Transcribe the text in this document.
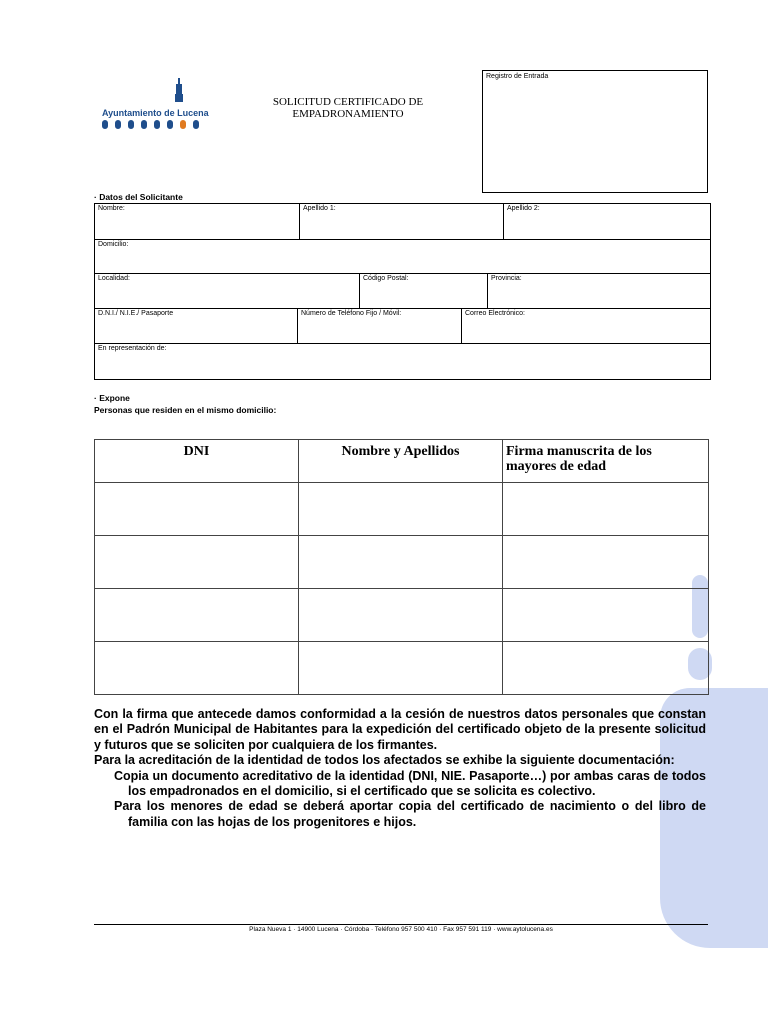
Ayuntamiento de Lucena
SOLICITUD CERTIFICADO DE
EMPADRONAMIENTO
Registro de Entrada
· Datos del Solicitante
Nombre:	Apellido 1:	Apellido 2:
Domicilio:
Localidad:	Código Postal:	Provincia:
D.N.I./ N.I.E./ Pasaporte	Número de Teléfono Fijo / Móvil:	Correo Electrónico:
En representación de:
· Expone
Personas que residen en el mismo domicilio:
DNI	Nombre y Apellidos	Firma manuscrita de los mayores de edad

Con la firma que antecede damos conformidad a la cesión de nuestros datos personales que constan en el Padrón Municipal de Habitantes para la expedición del certificado objeto de la presente solicitud y futuros que se soliciten por cualquiera de los firmantes.

Para la acreditación de la identidad de todos los afectados se exhibe la siguiente documentación:

Copia un documento acreditativo de la identidad (DNI, NIE. Pasaporte…) por ambas caras de todos los empadronados en el domicilio, si el certificado que se solicita es colectivo.

Para los menores de edad se deberá aportar copia del certificado de nacimiento o del libro de familia con las hojas de los progenitores e hijos.

Plaza Nueva 1 · 14900 Lucena · Córdoba · Teléfono 957 500 410 · Fax 957 591 119 · www.aytolucena.es
